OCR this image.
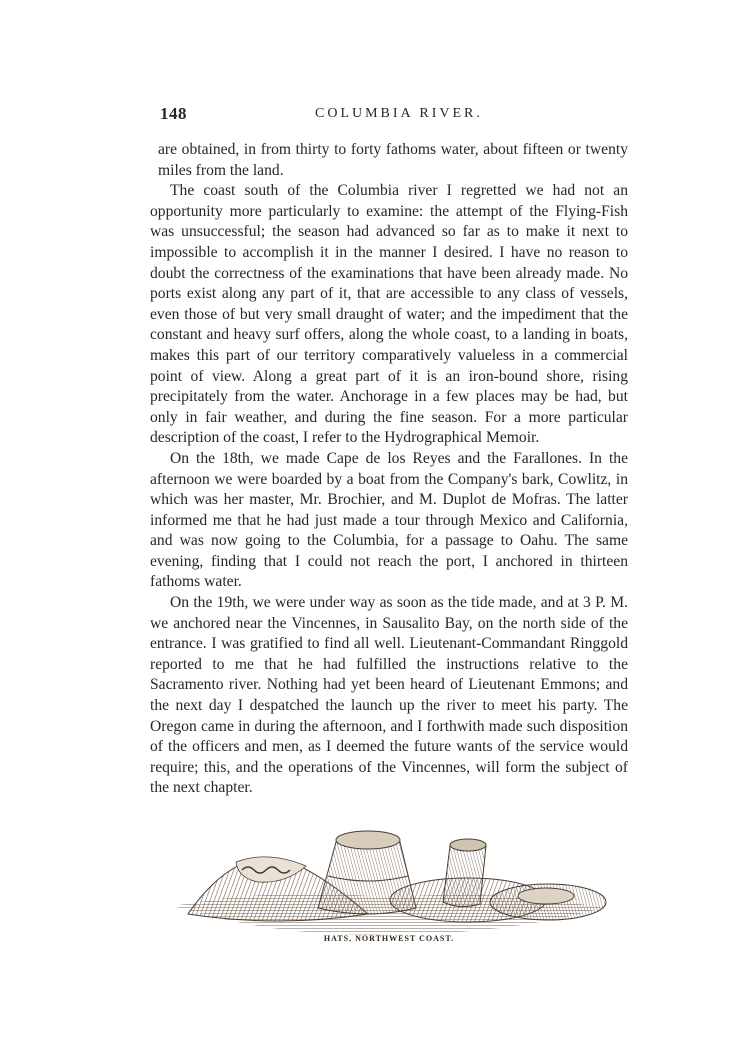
148	COLUMBIA RIVER.

are obtained, in from thirty to forty fathoms water, about fifteen or twenty miles from the land.

The coast south of the Columbia river I regretted we had not an opportunity more particularly to examine: the attempt of the Flying-Fish was unsuccessful; the season had advanced so far as to make it next to impossible to accomplish it in the manner I desired. I have no reason to doubt the correctness of the examinations that have been already made. No ports exist along any part of it, that are accessible to any class of vessels, even those of but very small draught of water; and the impediment that the constant and heavy surf offers, along the whole coast, to a landing in boats, makes this part of our territory comparatively valueless in a commercial point of view. Along a great part of it is an iron-bound shore, rising precipitately from the water. Anchorage in a few places may be had, but only in fair weather, and during the fine season. For a more particular description of the coast, I refer to the Hydrographical Memoir.

On the 18th, we made Cape de los Reyes and the Farallones. In the afternoon we were boarded by a boat from the Company's bark, Cowlitz, in which was her master, Mr. Brochier, and M. Duplot de Mofras. The latter informed me that he had just made a tour through Mexico and California, and was now going to the Columbia, for a passage to Oahu. The same evening, finding that I could not reach the port, I anchored in thirteen fathoms water.

On the 19th, we were under way as soon as the tide made, and at 3 P. M. we anchored near the Vincennes, in Sausalito Bay, on the north side of the entrance. I was gratified to find all well. Lieutenant-Commandant Ringgold reported to me that he had fulfilled the instructions relative to the Sacramento river. Nothing had yet been heard of Lieutenant Emmons; and the next day I despatched the launch up the river to meet his party. The Oregon came in during the afternoon, and I forthwith made such disposition of the officers and men, as I deemed the future wants of the service would require; this, and the operations of the Vincennes, will form the subject of the next chapter.

HATS, NORTHWEST COAST.
